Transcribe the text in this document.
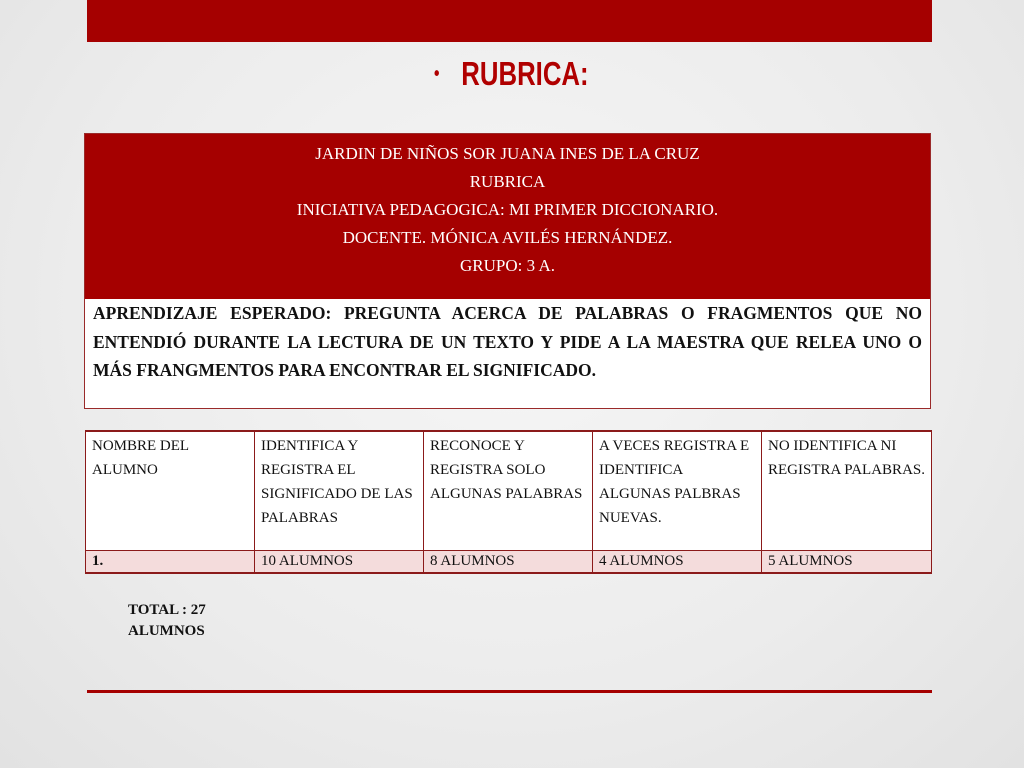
• RUBRICA:
JARDIN DE NIÑOS SOR JUANA INES DE LA CRUZ
RUBRICA
INICIATIVA PEDAGOGICA: MI PRIMER DICCIONARIO.
DOCENTE. MÓNICA AVILÉS HERNÁNDEZ.
GRUPO: 3 A.
APRENDIZAJE ESPERADO: PREGUNTA ACERCA DE PALABRAS O FRAGMENTOS QUE NO ENTENDIÓ DURANTE LA LECTURA DE UN TEXTO Y PIDE A LA MAESTRA QUE RELEA UNO O MÁS FRANGMENTOS PARA ENCONTRAR EL SIGNIFICADO.
NOMBRE DEL ALUMNO	IDENTIFICA Y REGISTRA EL SIGNIFICADO DE LAS PALABRAS	RECONOCE Y REGISTRA SOLO ALGUNAS PALABRAS	A VECES REGISTRA E IDENTIFICA ALGUNAS PALBRAS NUEVAS.	NO IDENTIFICA NI REGISTRA PALABRAS.
1.	10 ALUMNOS	8 ALUMNOS	4 ALUMNOS	5 ALUMNOS
TOTAL : 27
ALUMNOS
